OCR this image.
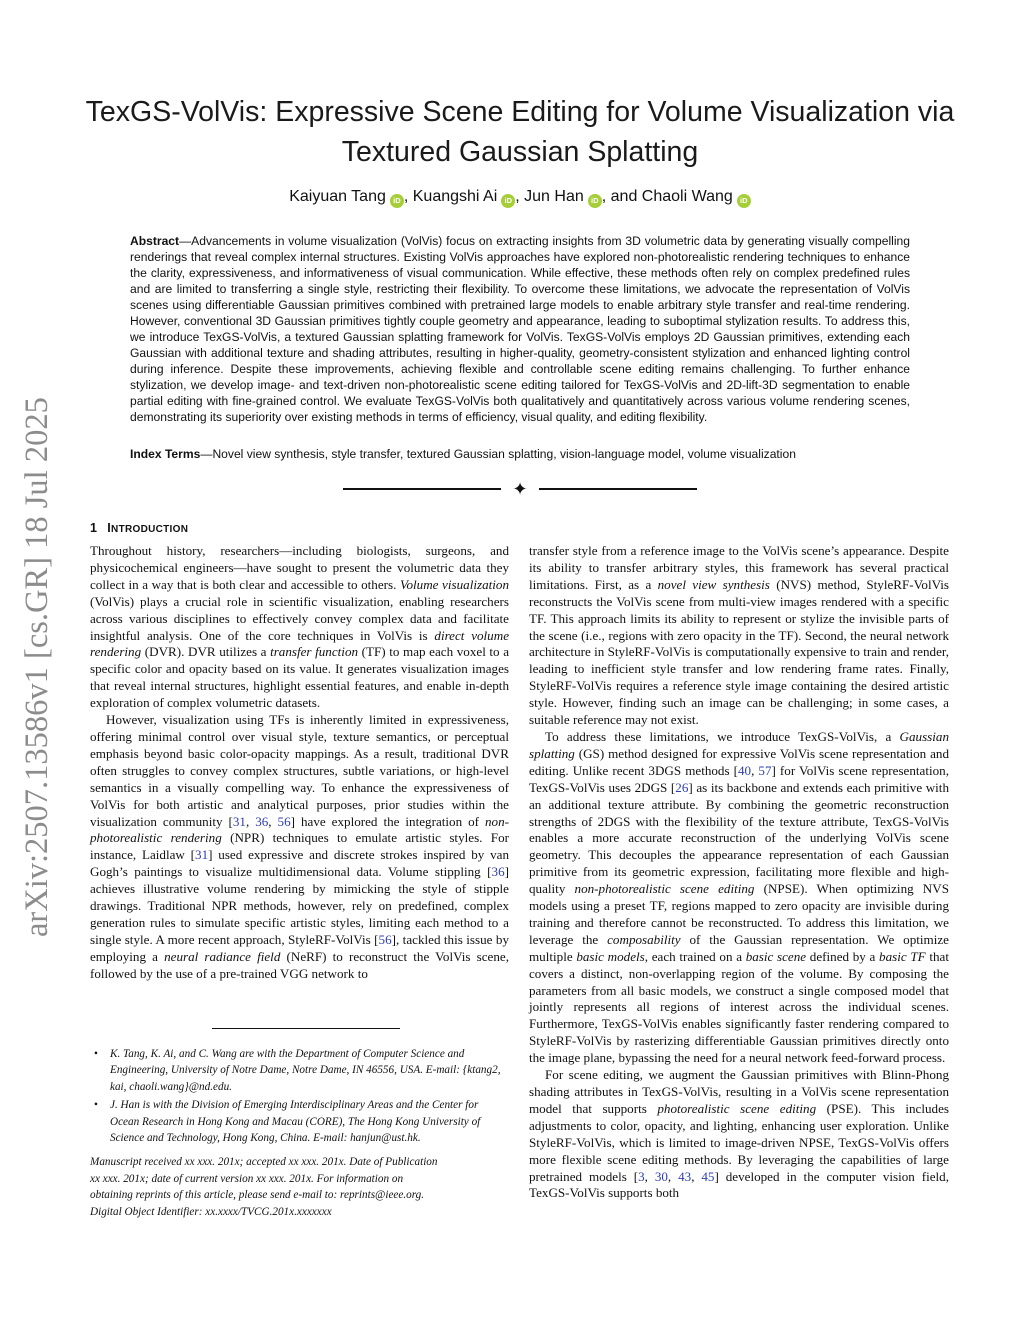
arXiv:2507.13586v1 [cs.GR] 18 Jul 2025
TexGS-VolVis: Expressive Scene Editing for Volume Visualization via
Textured Gaussian Splatting
Kaiyuan Tang iD , Kuangshi Ai iD , Jun Han iD , and Chaoli Wang iD

Abstract—Advancements in volume visualization (VolVis) focus on extracting insights from 3D volumetric data by generating visually compelling renderings that reveal complex internal structures. Existing VolVis approaches have explored non-photorealistic rendering techniques to enhance the clarity, expressiveness, and informativeness of visual communication. While effective, these methods often rely on complex predefined rules and are limited to transferring a single style, restricting their flexibility. To overcome these limitations, we advocate the representation of VolVis scenes using differentiable Gaussian primitives combined with pretrained large models to enable arbitrary style transfer and real-time rendering. However, conventional 3D Gaussian primitives tightly couple geometry and appearance, leading to suboptimal stylization results. To address this, we introduce TexGS-VolVis, a textured Gaussian splatting framework for VolVis. TexGS-VolVis employs 2D Gaussian primitives, extending each Gaussian with additional texture and shading attributes, resulting in higher-quality, geometry-consistent stylization and enhanced lighting control during inference. Despite these improvements, achieving flexible and controllable scene editing remains challenging. To further enhance stylization, we develop image- and text-driven non-photorealistic scene editing tailored for TexGS-VolVis and 2D-lift-3D segmentation to enable partial editing with fine-grained control. We evaluate TexGS-VolVis both qualitatively and quantitatively across various volume rendering scenes, demonstrating its superiority over existing methods in terms of efficiency, visual quality, and editing flexibility.

Index Terms—Novel view synthesis, style transfer, textured Gaussian splatting, vision-language model, volume visualization

✦
1 INTRODUCTION

Throughout history, researchers—including biologists, surgeons, and physicochemical engineers—have sought to present the volumetric data they collect in a way that is both clear and accessible to others. Volume visualization (VolVis) plays a crucial role in scientific visualization, enabling researchers across various disciplines to effectively convey complex data and facilitate insightful analysis. One of the core techniques in VolVis is direct volume rendering (DVR). DVR utilizes a transfer function (TF) to map each voxel to a specific color and opacity based on its value. It generates visualization images that reveal internal structures, highlight essential features, and enable in-depth exploration of complex volumetric datasets.

However, visualization using TFs is inherently limited in expressiveness, offering minimal control over visual style, texture semantics, or perceptual emphasis beyond basic color-opacity mappings. As a result, traditional DVR often struggles to convey complex structures, subtle variations, or high-level semantics in a visually compelling way. To enhance the expressiveness of VolVis for both artistic and analytical purposes, prior studies within the visualization community [31, 36, 56] have explored the integration of non-photorealistic rendering (NPR) techniques to emulate artistic styles. For instance, Laidlaw [31] used expressive and discrete strokes inspired by van Gogh’s paintings to visualize multidimensional data. Volume stippling [36] achieves illustrative volume rendering by mimicking the style of stipple drawings. Traditional NPR methods, however, rely on predefined, complex generation rules to simulate specific artistic styles, limiting each method to a single style. A more recent approach, StyleRF-VolVis [56], tackled this issue by employing a neural radiance field (NeRF) to reconstruct the VolVis scene, followed by the use of a pre-trained VGG network to

transfer style from a reference image to the VolVis scene’s appearance. Despite its ability to transfer arbitrary styles, this framework has several practical limitations. First, as a novel view synthesis (NVS) method, StyleRF-VolVis reconstructs the VolVis scene from multi-view images rendered with a specific TF. This approach limits its ability to represent or stylize the invisible parts of the scene (i.e., regions with zero opacity in the TF). Second, the neural network architecture in StyleRF-VolVis is computationally expensive to train and render, leading to inefficient style transfer and low rendering frame rates. Finally, StyleRF-VolVis requires a reference style image containing the desired artistic style. However, finding such an image can be challenging; in some cases, a suitable reference may not exist.

To address these limitations, we introduce TexGS-VolVis, a Gaussian splatting (GS) method designed for expressive VolVis scene representation and editing. Unlike recent 3DGS methods [40, 57] for VolVis scene representation, TexGS-VolVis uses 2DGS [26] as its backbone and extends each primitive with an additional texture attribute. By combining the geometric reconstruction strengths of 2DGS with the flexibility of the texture attribute, TexGS-VolVis enables a more accurate reconstruction of the underlying VolVis scene geometry. This decouples the appearance representation of each Gaussian primitive from its geometric expression, facilitating more flexible and high-quality non-photorealistic scene editing (NPSE). When optimizing NVS models using a preset TF, regions mapped to zero opacity are invisible during training and therefore cannot be reconstructed. To address this limitation, we leverage the composability of the Gaussian representation. We optimize multiple basic models, each trained on a basic scene defined by a basic TF that covers a distinct, non-overlapping region of the volume. By composing the parameters from all basic models, we construct a single composed model that jointly represents all regions of interest across the individual scenes. Furthermore, TexGS-VolVis enables significantly faster rendering compared to StyleRF-VolVis by rasterizing differentiable Gaussian primitives directly onto the image plane, bypassing the need for a neural network feed-forward process.

For scene editing, we augment the Gaussian primitives with Blinn-Phong shading attributes in TexGS-VolVis, resulting in a VolVis scene representation model that supports photorealistic scene editing (PSE). This includes adjustments to color, opacity, and lighting, enhancing user exploration. Unlike StyleRF-VolVis, which is limited to image-driven NPSE, TexGS-VolVis offers more flexible scene editing methods. By leveraging the capabilities of large pretrained models [3, 30, 43, 45] developed in the computer vision field, TexGS-VolVis supports both

• K. Tang, K. Ai, and C. Wang are with the Department of Computer Science and Engineering, University of Notre Dame, Notre Dame, IN 46556, USA. E-mail: {ktang2, kai, chaoli.wang}@nd.edu.
• J. Han is with the Division of Emerging Interdisciplinary Areas and the Center for Ocean Research in Hong Kong and Macau (CORE), The Hong Kong University of Science and Technology, Hong Kong, China. E-mail: hanjun@ust.hk.
Manuscript received xx xxx. 201x; accepted xx xxx. 201x. Date of Publication
xx xxx. 201x; date of current version xx xxx. 201x. For information on
obtaining reprints of this article, please send e-mail to: reprints@ieee.org.
Digital Object Identifier: xx.xxxx/TVCG.201x.xxxxxxx
